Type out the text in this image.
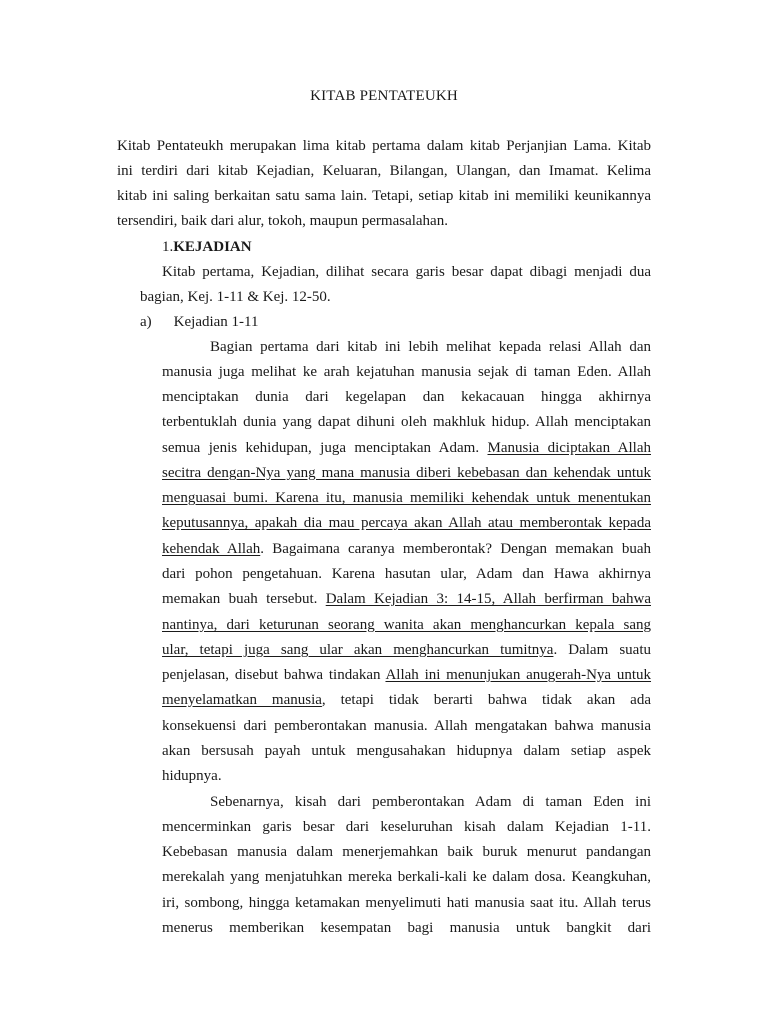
KITAB PENTATEUKH
Kitab Pentateukh merupakan lima kitab pertama dalam kitab Perjanjian Lama. Kitab
ini terdiri dari kitab Kejadian, Keluaran, Bilangan, Ulangan, dan Imamat. Kelima
kitab ini saling berkaitan satu sama lain. Tetapi, setiap kitab ini memiliki keunikannya
tersendiri, baik dari alur, tokoh, maupun permasalahan.
1.KEJADIAN
Kitab pertama, Kejadian, dilihat secara garis besar dapat dibagi menjadi dua
bagian, Kej. 1-11 & Kej. 12-50.
a) Kejadian 1-11
Bagian pertama dari kitab ini lebih melihat kepada relasi Allah dan
manusia juga melihat ke arah kejatuhan manusia sejak di taman Eden. Allah
menciptakan dunia dari kegelapan dan kekacauan hingga akhirnya
terbentuklah dunia yang dapat dihuni oleh makhluk hidup. Allah menciptakan
semua jenis kehidupan, juga menciptakan Adam. Manusia diciptakan Allah
secitra dengan-Nya yang mana manusia diberi kebebasan dan kehendak untuk
menguasai bumi. Karena itu, manusia memiliki kehendak untuk menentukan
keputusannya, apakah dia mau percaya akan Allah atau memberontak kepada
kehendak Allah. Bagaimana caranya memberontak? Dengan memakan buah
dari pohon pengetahuan. Karena hasutan ular, Adam dan Hawa akhirnya
memakan buah tersebut. Dalam Kejadian 3: 14-15, Allah berfirman bahwa
nantinya, dari keturunan seorang wanita akan menghancurkan kepala sang
ular, tetapi juga sang ular akan menghancurkan tumitnya. Dalam suatu
penjelasan, disebut bahwa tindakan Allah ini menunjukan anugerah-Nya untuk
menyelamatkan manusia, tetapi tidak berarti bahwa tidak akan ada
konsekuensi dari pemberontakan manusia. Allah mengatakan bahwa manusia
akan bersusah payah untuk mengusahakan hidupnya dalam setiap aspek
hidupnya.
Sebenarnya, kisah dari pemberontakan Adam di taman Eden ini
mencerminkan garis besar dari keseluruhan kisah dalam Kejadian 1-11.
Kebebasan manusia dalam menerjemahkan baik buruk menurut pandangan
merekalah yang menjatuhkan mereka berkali-kali ke dalam dosa. Keangkuhan,
iri, sombong, hingga ketamakan menyelimuti hati manusia saat itu. Allah terus
menerus memberikan kesempatan bagi manusia untuk bangkit dari
